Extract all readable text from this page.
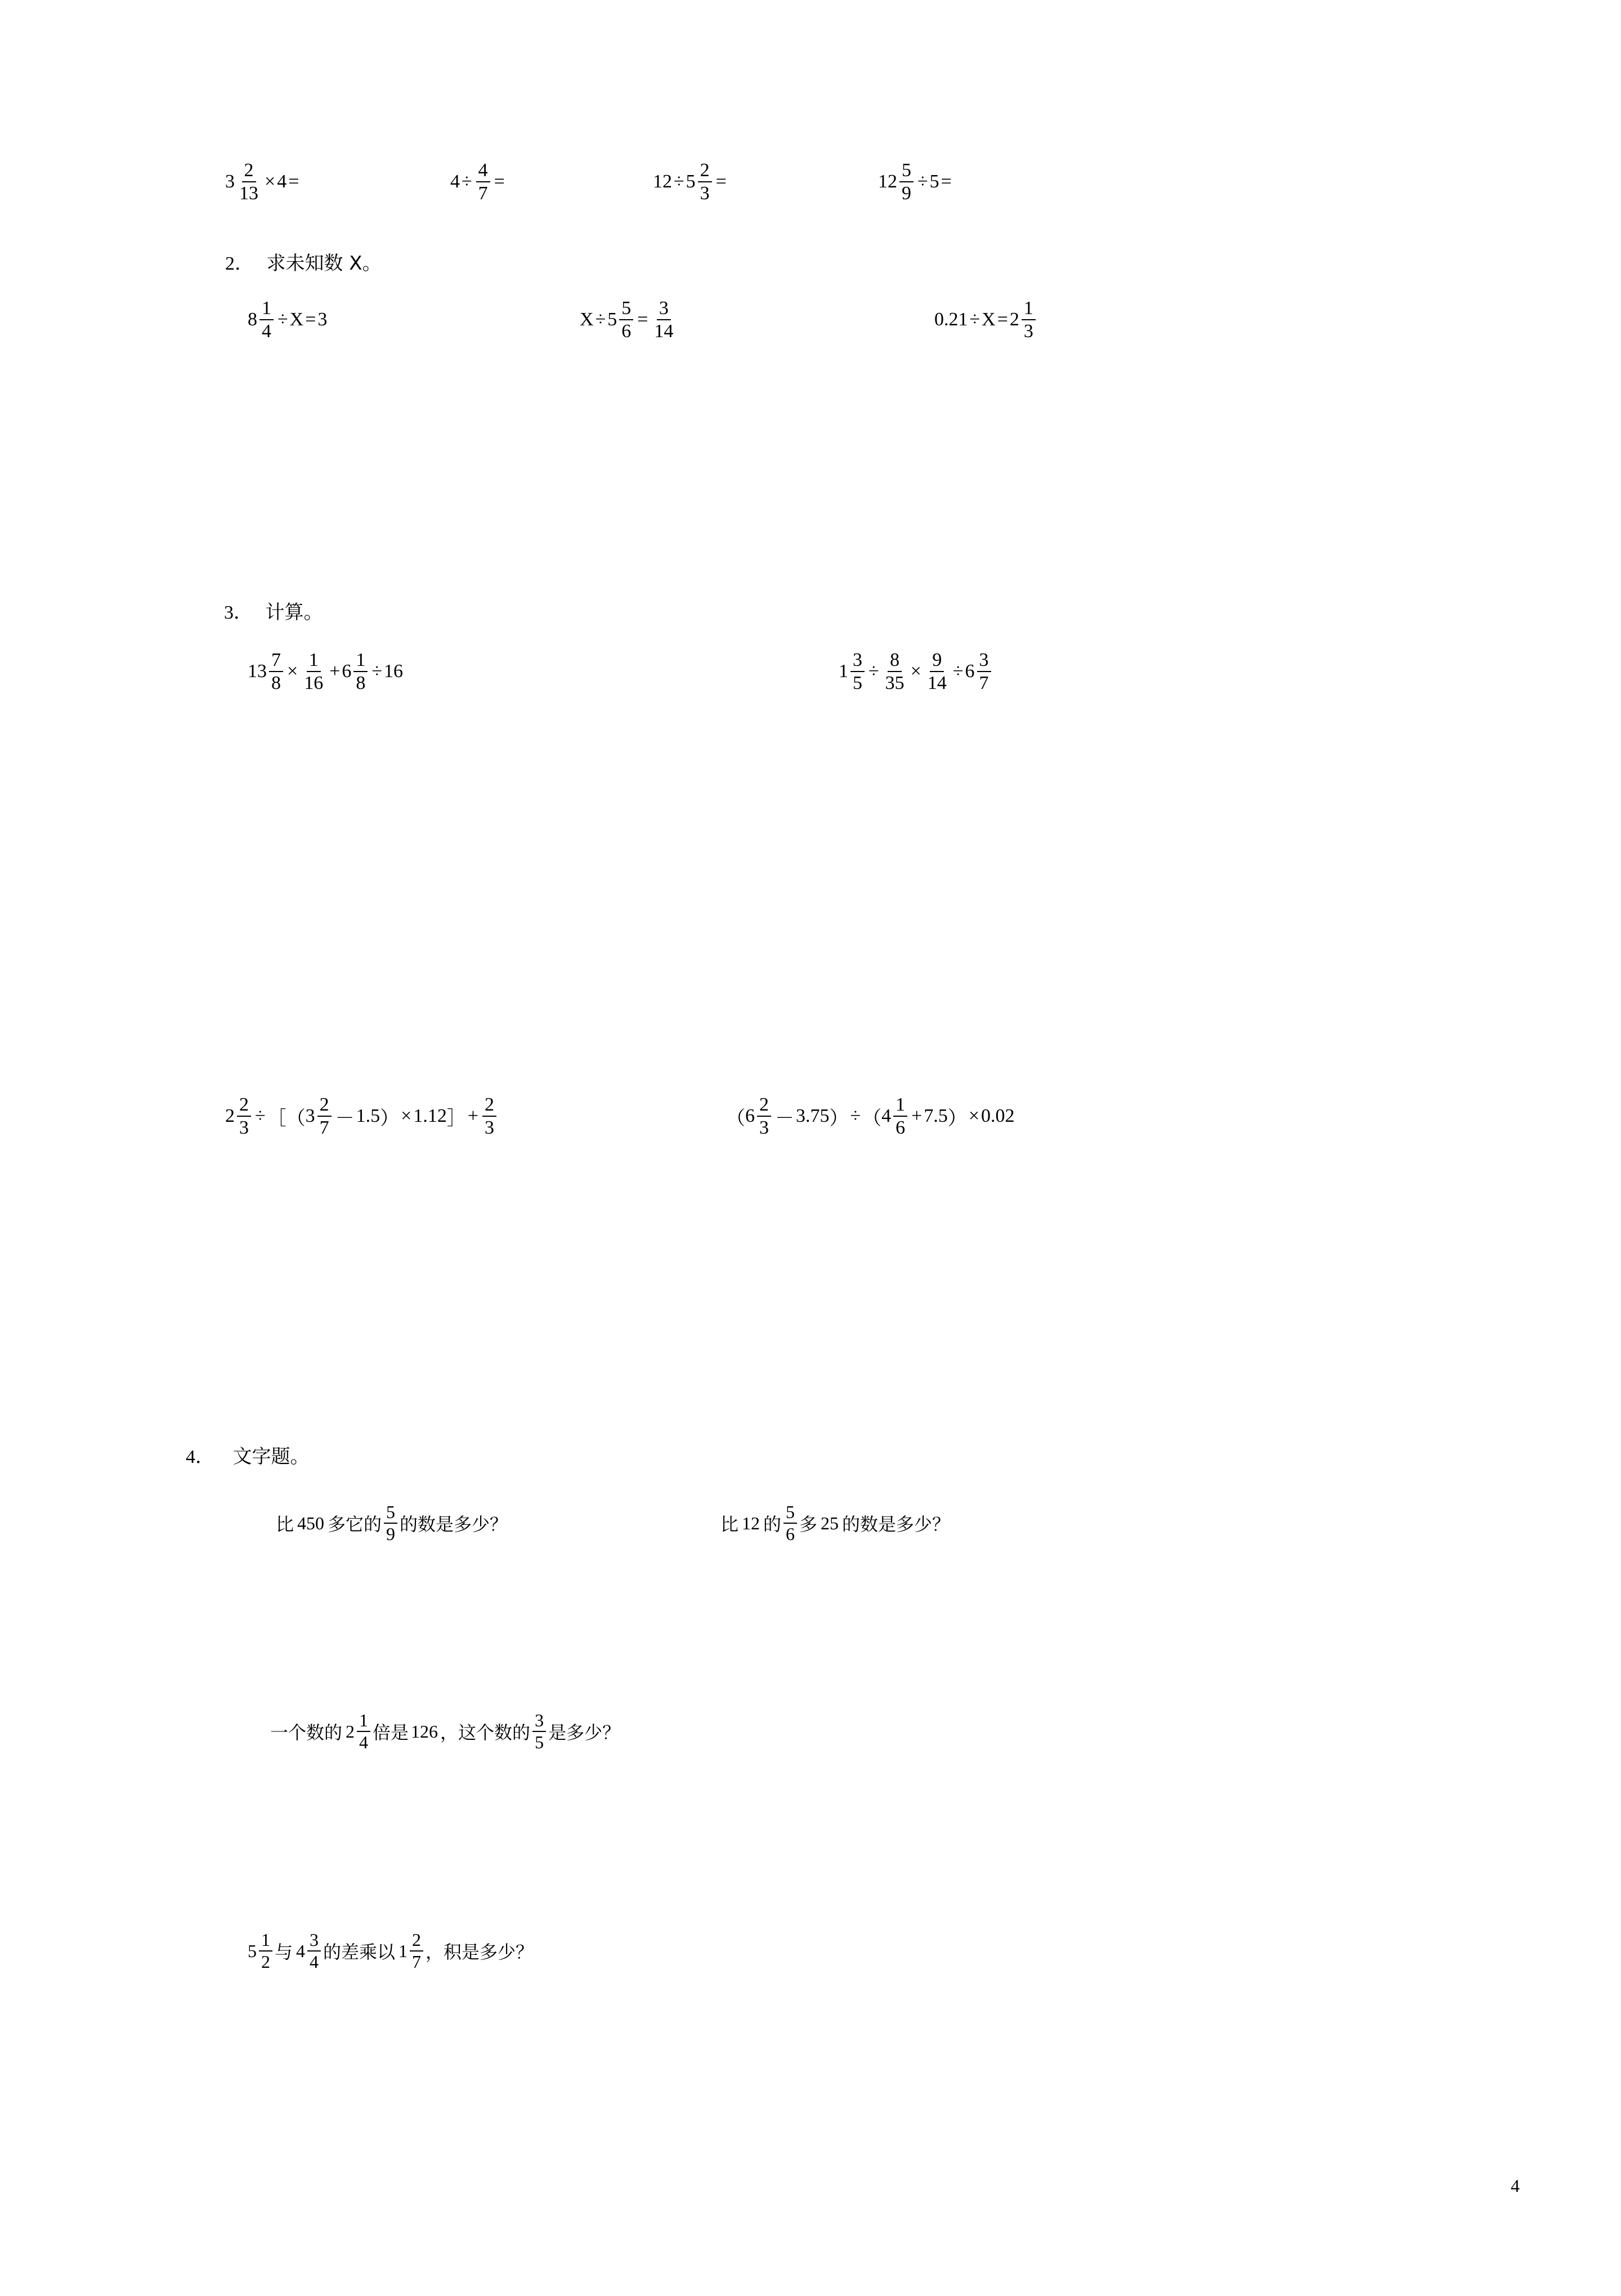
$3 \frac{2}{13} \times 4$ =	$4 \div \frac{4}{7}$ =	$12 \div 5 \frac{2}{3}$ =	$12 \frac{5}{9} \div 5$ =
2． 求未知数 X。
$8 \frac{1}{4} \div X = 3$	$X \div 5 \frac{5}{6} = \frac{3}{14}$	$0.21 \div X = 2 \frac{1}{3}$
3． 计算。
$13 \frac{7}{8} \times \frac{1}{16} + 6 \frac{1}{8} \div 16$	$1 \frac{3}{5} \div \frac{8}{35} \times \frac{9}{14} \div 6 \frac{3}{7}$
$2 \frac{2}{3}$ ÷ ［ （ $3 \frac{2}{7} - 1.5$ ） × 1.12 ］ + $\frac{2}{3}$	（ $6 \frac{2}{3} - 3.75$ ） ÷ （ $4 \frac{1}{6} + 7.5$ ） × 0.02
4． 文字题。
比 450 多它的 $\frac{5}{9}$ 的数是多少？	比 12 的 $\frac{5}{6}$ 多 25 的数是多少？
一个数的 $2 \frac{1}{4}$ 倍是 126 ， 这个数的 $\frac{3}{5}$ 是多少？
$5 \frac{1}{2}$ 与 $4 \frac{3}{4}$ 的差乘以 $1 \frac{2}{7}$ ， 积是多少？
4
